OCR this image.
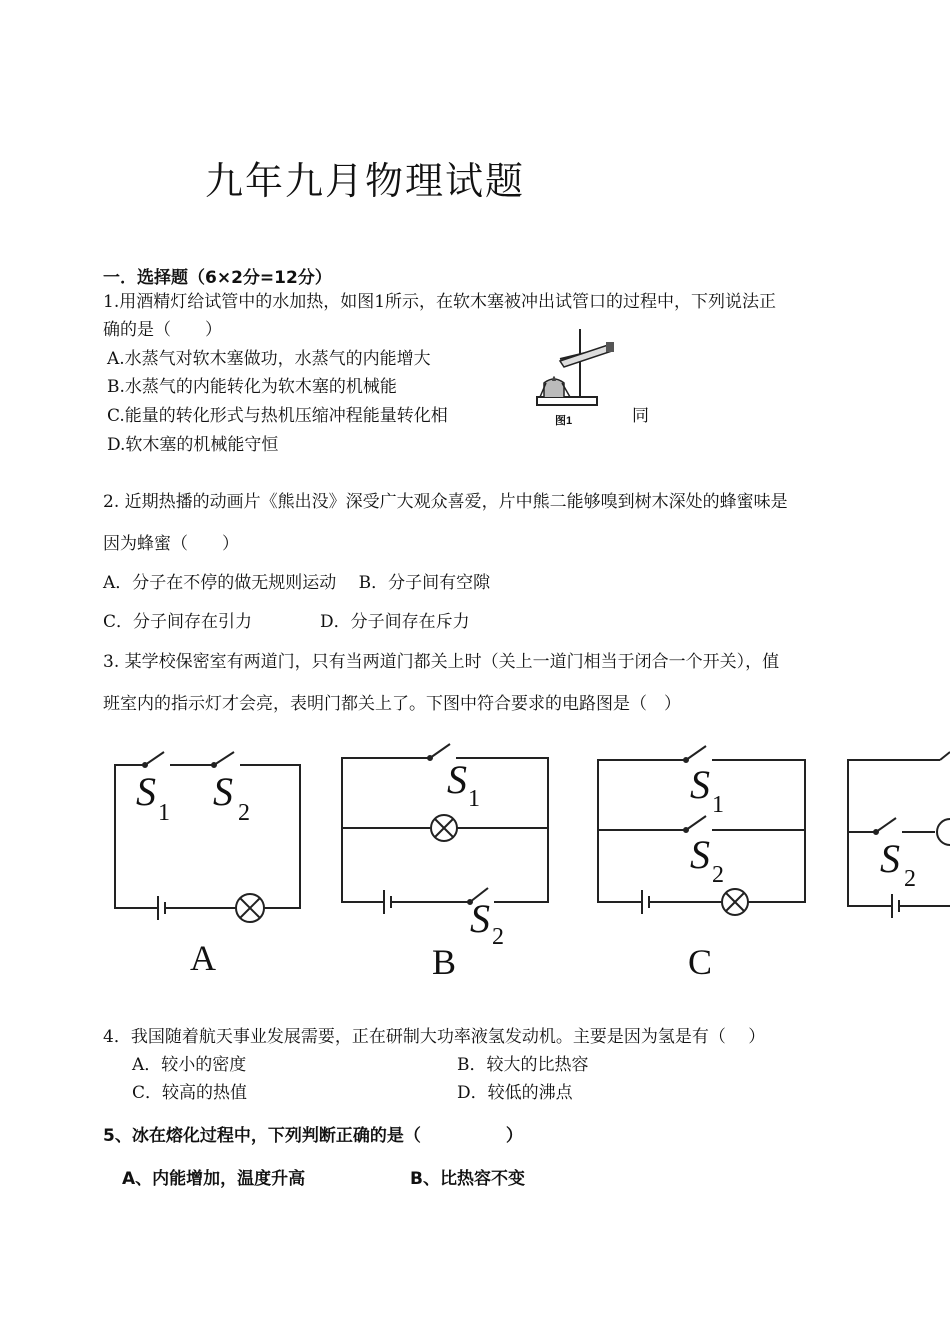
九年九月物理试题
一．选择题（6×2分=12分）
1.用酒精灯给试管中的水加热，如图1所示，在软木塞被冲出试管口的过程中，下列说法正
确的是（　　）
A.水蒸气对软木塞做功，水蒸气的内能增大
B.水蒸气的内能转化为软木塞的机械能
C.能量的转化形式与热机压缩冲程能量转化相	同
D.软木塞的机械能守恒
图1
2. 近期热播的动画片《熊出没》深受广大观众喜爱，片中熊二能够嗅到树木深处的蜂蜜味是
因为蜂蜜（　　）
A．分子在不停的做无规则运动　 B．分子间有空隙
C．分子间存在引力　　　　D．分子间存在斥力
3. 某学校保密室有两道门，只有当两道门都关上时（关上一道门相当于闭合一个开关），值
班室内的指示灯才会亮，表明门都关上了。下图中符合要求的电路图是（　）
S 1 S 2
S 1
S 2
S 1
S 2	S 2
A	B	C
4．我国随着航天事业发展需要，正在研制大功率液氢发动机。主要是因为氢是有（　 ）
A．较小的密度	B．较大的比热容
C．较高的热值	D．较低的沸点
5、冰在熔化过程中，下列判断正确的是（　　　　　）
A、内能增加，温度升高	B、比热容不变
